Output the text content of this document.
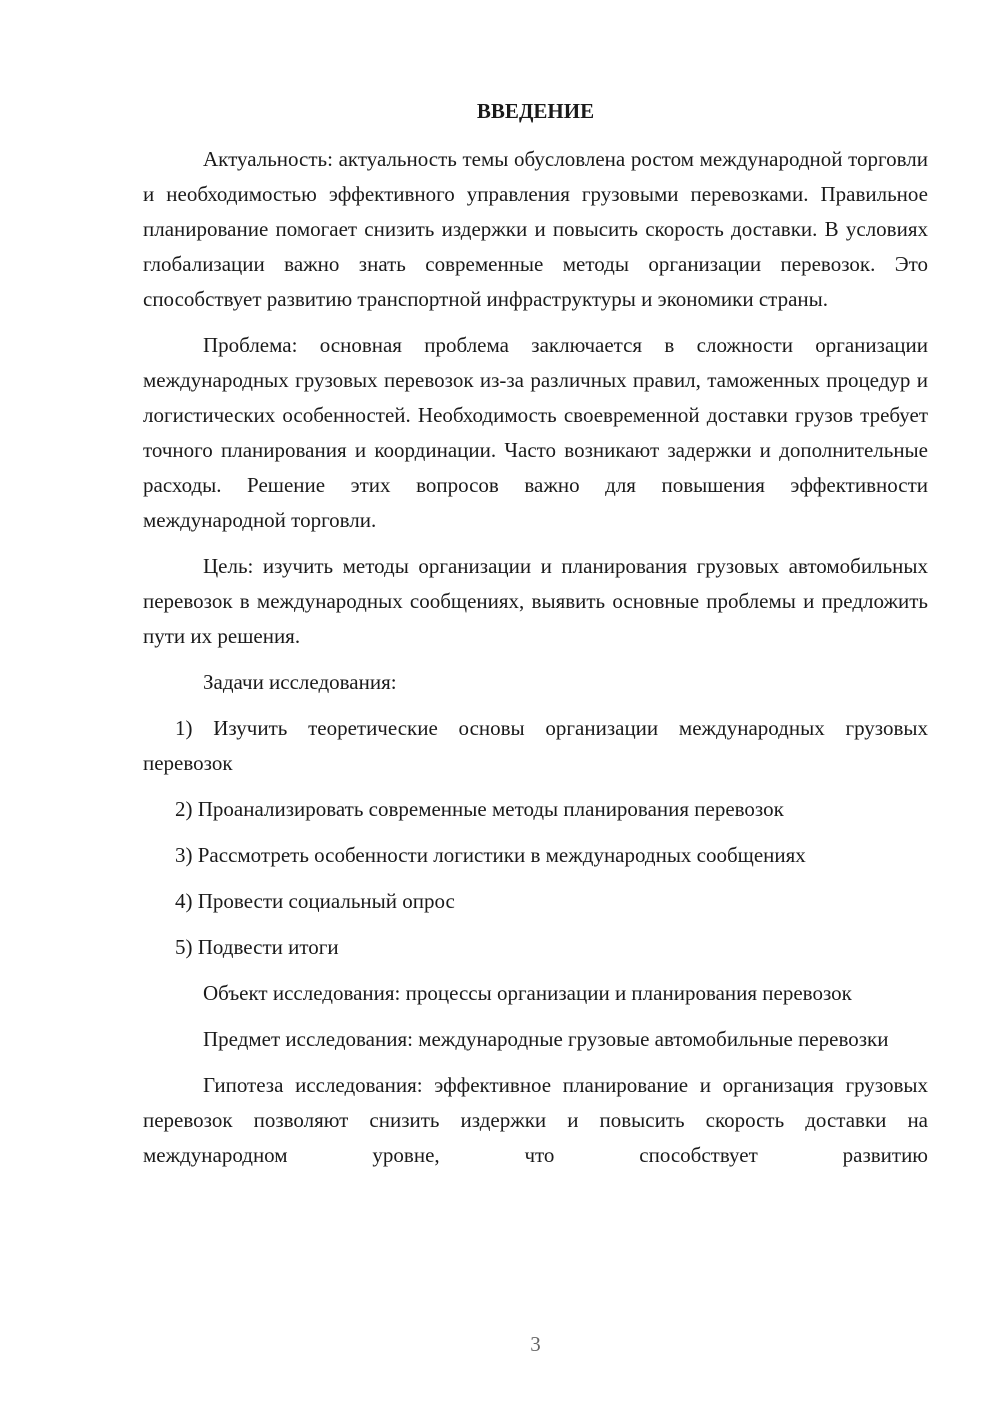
ВВЕДЕНИЕ

Актуальность: актуальность темы обусловлена ростом международной торговли и необходимостью эффективного управления грузовыми перевозками. Правильное планирование помогает снизить издержки и повысить скорость доставки. В условиях глобализации важно знать современные методы организации перевозок. Это способствует развитию транспортной инфраструктуры и экономики страны.

Проблема: основная проблема заключается в сложности организации международных грузовых перевозок из-за различных правил, таможенных процедур и логистических особенностей. Необходимость своевременной доставки грузов требует точного планирования и координации. Часто возникают задержки и дополнительные расходы. Решение этих вопросов важно для повышения эффективности международной торговли.

Цель: изучить методы организации и планирования грузовых автомобильных перевозок в международных сообщениях, выявить основные проблемы и предложить пути их решения.

Задачи исследования:

1) Изучить теоретические основы организации международных грузовых перевозок

2) Проанализировать современные методы планирования перевозок

3) Рассмотреть особенности логистики в международных сообщениях

4) Провести социальный опрос

5) Подвести итоги

Объект исследования: процессы организации и планирования перевозок

Предмет исследования: международные грузовые автомобильные перевозки

Гипотеза исследования: эффективное планирование и организация грузовых перевозок позволяют снизить издержки и повысить скорость доставки на международном уровне, что способствует развитию

3
